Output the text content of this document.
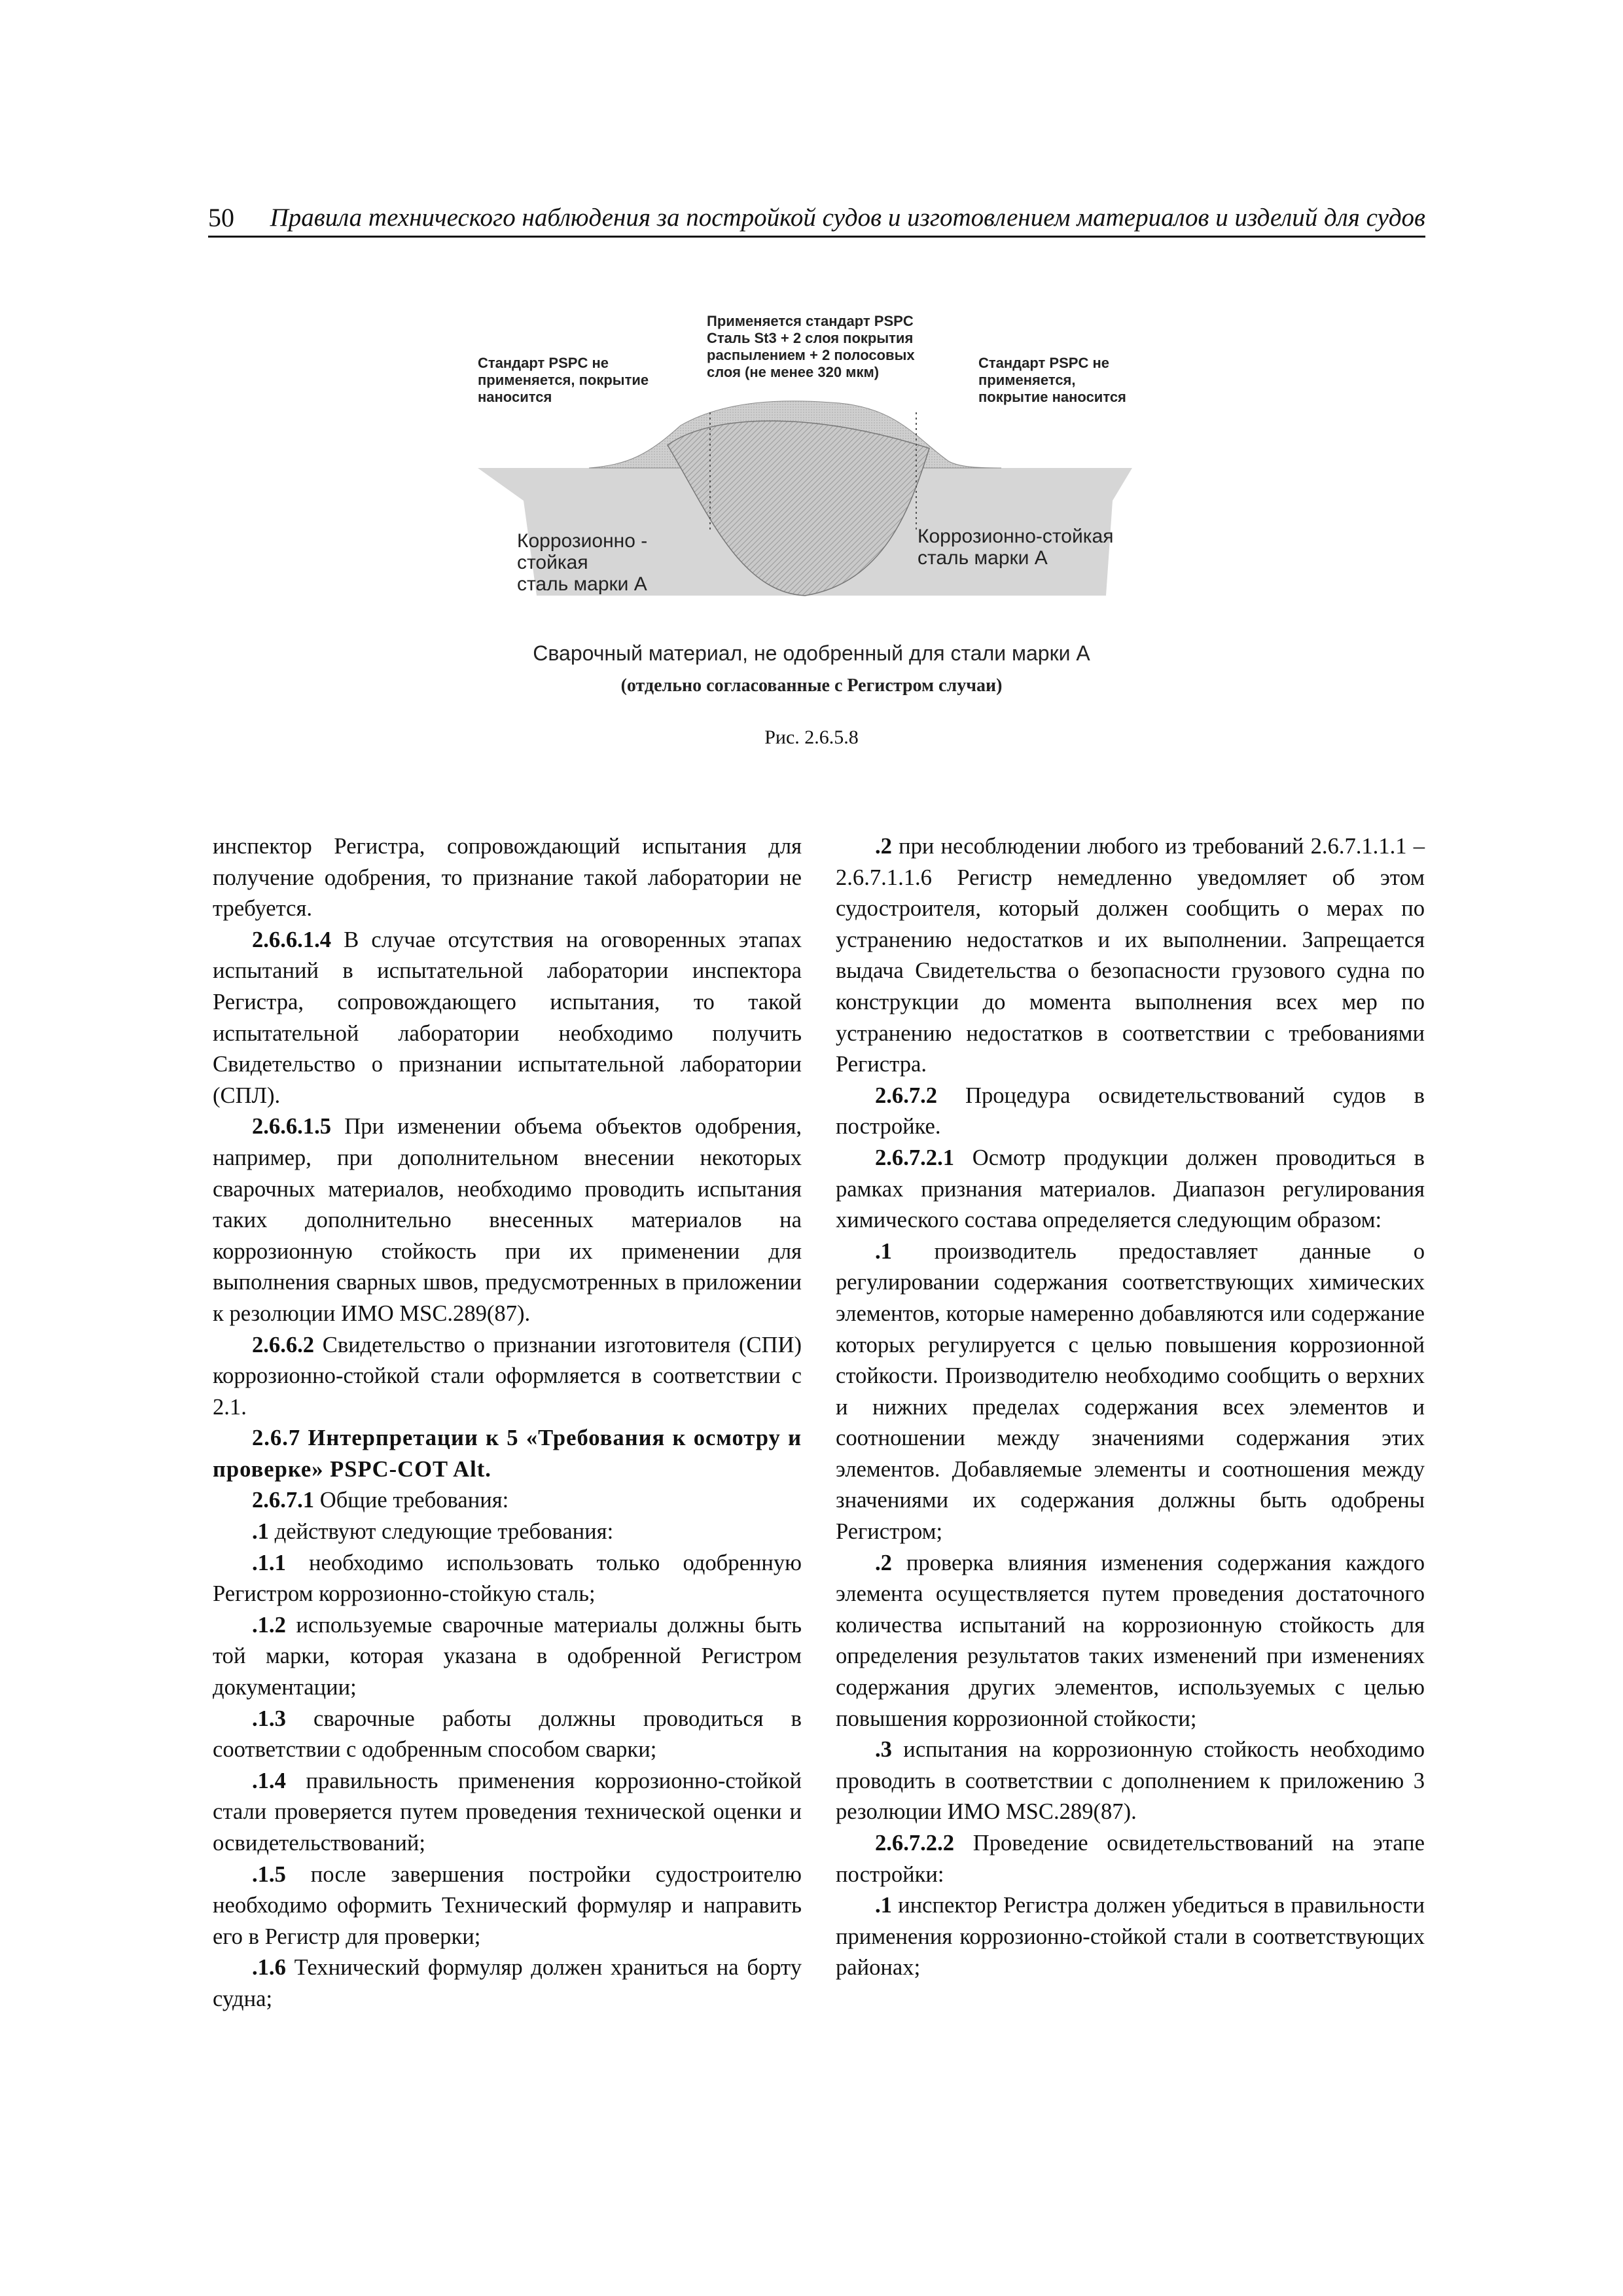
50 Правила технического наблюдения за постройкой судов и изготовлением материалов и изделий для судов

Стандарт PSPC не
применяется, покрытие
наносится

Применяется стандарт PSPC
Сталь St3 + 2 слоя покрытия
распылением + 2 полосовых
слоя (не менее 320 мкм)

Стандарт PSPC не
применяется,
покрытие наносится

Коррозионно - стойкая
сталь марки А
Коррозионно-стойкая
сталь марки А
Сварочный материал, не одобренный для стали марки А
(отдельно согласованные с Регистром случаи)
Рис. 2.6.5.8

инспектор Регистра, сопровождающий испытания для получение одобрения, то признание такой лаборатории не требуется.

2.6.6.1.4 В случае отсутствия на оговоренных этапах испытаний в испытательной лаборатории инспектора Регистра, сопровождающего испытания, то такой испытательной лаборатории необходимо получить Свидетельство о признании испытательной лаборатории (СПЛ).

2.6.6.1.5 При изменении объема объектов одобрения, например, при дополнительном внесении некоторых сварочных материалов, необходимо проводить испытания таких дополнительно внесенных материалов на коррозионную стойкость при их применении для выполнения сварных швов, предусмотренных в приложении к резолюции ИМО MSC.289(87).

2.6.6.2 Свидетельство о признании изготовителя (СПИ) коррозионно-стойкой стали оформляется в соответствии с 2.1.

2.6.7 Интерпретации к 5 «Требования к осмотру и проверке» PSPC-COT Alt.

2.6.7.1 Общие требования:

.1 действуют следующие требования:

.1.1 необходимо использовать только одобренную Регистром коррозионно-стойкую сталь;

.1.2 используемые сварочные материалы должны быть той марки, которая указана в одобренной Регистром документации;

.1.3 сварочные работы должны проводиться в соответствии с одобренным способом сварки;

.1.4 правильность применения коррозионно-стойкой стали проверяется путем проведения технической оценки и освидетельствований;

.1.5 после завершения постройки судостроителю необходимо оформить Технический формуляр и направить его в Регистр для проверки;

.1.6 Технический формуляр должен храниться на борту судна;

.2 при несоблюдении любого из требований 2.6.7.1.1.1 – 2.6.7.1.1.6 Регистр немедленно уведомляет об этом судостроителя, который должен сообщить о мерах по устранению недостатков и их выполнении. Запрещается выдача Свидетельства о безопасности грузового судна по конструкции до момента выполнения всех мер по устранению недостатков в соответствии с требованиями Регистра.

2.6.7.2 Процедура освидетельствований судов в постройке.

2.6.7.2.1 Осмотр продукции должен проводиться в рамках признания материалов. Диапазон регулирования химического состава определяется следующим образом:

.1 производитель предоставляет данные о регулировании содержания соответствующих химических элементов, которые намеренно добавляются или содержание которых регулируется с целью повышения коррозионной стойкости. Производителю необходимо сообщить о верхних и нижних пределах содержания всех элементов и соотношении между значениями содержания этих элементов. Добавляемые элементы и соотношения между значениями их содержания должны быть одобрены Регистром;

.2 проверка влияния изменения содержания каждого элемента осуществляется путем проведения достаточного количества испытаний на коррозионную стойкость для определения результатов таких изменений при изменениях содержания других элементов, используемых с целью повышения коррозионной стойкости;

.3 испытания на коррозионную стойкость необходимо проводить в соответствии с дополнением к приложению 3 резолюции ИМО MSC.289(87).

2.6.7.2.2 Проведение освидетельствований на этапе постройки:

.1 инспектор Регистра должен убедиться в правильности применения коррозионно-стойкой стали в соответствующих районах;
